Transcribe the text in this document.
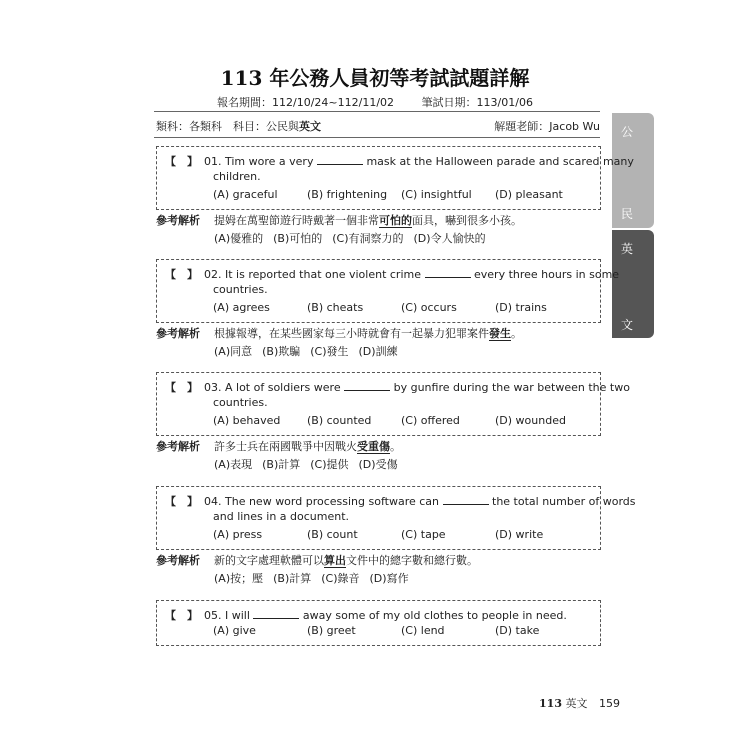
113 年公務人員初等考試試題詳解
報名期間：112/10/24~112/11/02	筆試日期：113/01/06
類科：各類科　科目：公民與英文	解題老師：Jacob Wu	公
民
英
文
【　】 01. Tim wore a very	mask at the Halloween parade and scared many
children.
(A) graceful	(B) frightening (C) insightful (D) pleasant
參考解析 提姆在萬聖節遊行時戴著一個非常可怕的面具，嚇到很多小孩。
(A)優雅的 (B)可怕的 (C)有洞察力的 (D)令人愉快的
【　】 02. It is reported that one violent crime	every three hours in some
countries.
(A) agrees	(B) cheats	(C) occurs	(D) trains
參考解析 根據報導，在某些國家每三小時就會有一起暴力犯罪案件發生。
(A)同意 (B)欺騙 (C)發生 (D)訓練
【　】 03. A lot of soldiers were	by gunfire during the war between the two
countries.
(A) behaved (B) counted	(C) offered	(D) wounded
參考解析 許多士兵在兩國戰爭中因戰火受重傷。
(A)表現 (B)計算 (C)提供 (D)受傷
【　】 04. The new word processing software can	the total number of words
and lines in a document.
(A) press	(B) count	(C) tape	(D) write
參考解析 新的文字處理軟體可以算出文件中的總字數和總行數。
(A)按；壓 (B)計算 (C)錄音 (D)寫作
【　】 05. I will	away some of my old clothes to people in need.
(A) give	(B) greet	(C) lend	(D) take
113 英文 159
